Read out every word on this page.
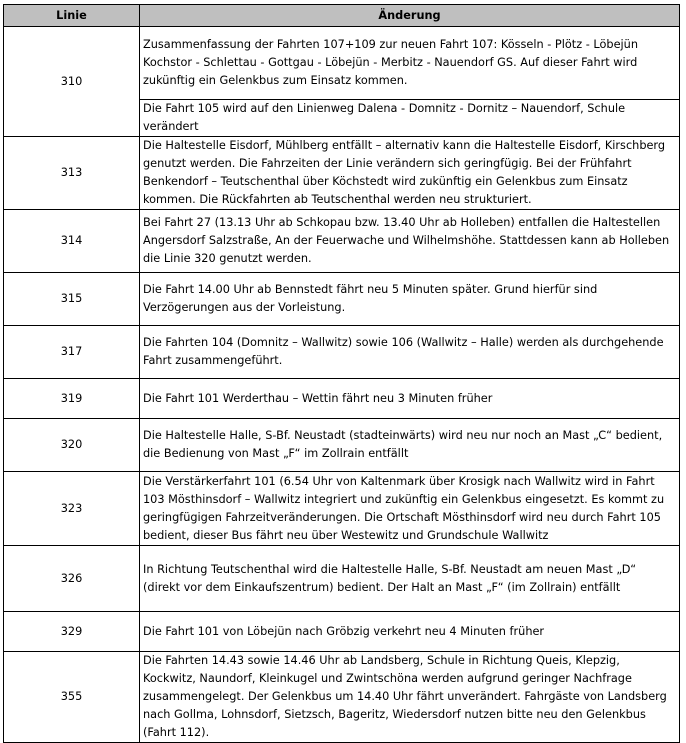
Linie	Änderung
310	Zusammenfassung der Fahrten 107+109 zur neuen Fahrt 107: Kösseln - Plötz - Löbejün Kochstor - Schlettau - Gottgau - Löbejün - Merbitz - Nauendorf GS. Auf dieser Fahrt wird zukünftig ein Gelenkbus zum Einsatz kommen.
	Die Fahrt 105 wird auf den Linienweg Dalena - Domnitz - Dornitz – Nauendorf, Schule verändert
313	Die Haltestelle Eisdorf, Mühlberg entfällt – alternativ kann die Haltestelle Eisdorf, Kirschberg genutzt werden. Die Fahrzeiten der Linie verändern sich geringfügig. Bei der Frühfahrt Benkendorf – Teutschenthal über Köchstedt wird zukünftig ein Gelenkbus zum Einsatz kommen. Die Rückfahrten ab Teutschenthal werden neu strukturiert.
314	Bei Fahrt 27 (13.13 Uhr ab Schkopau bzw. 13.40 Uhr ab Holleben) entfallen die Haltestellen Angersdorf Salzstraße, An der Feuerwache und Wilhelmshöhe. Stattdessen kann ab Holleben die Linie 320 genutzt werden.
315	Die Fahrt 14.00 Uhr ab Bennstedt fährt neu 5 Minuten später. Grund hierfür sind Verzögerungen aus der Vorleistung.
317	Die Fahrten 104 (Domnitz – Wallwitz) sowie 106 (Wallwitz – Halle) werden als durchgehende Fahrt zusammengeführt.
319	Die Fahrt 101 Werderthau – Wettin fährt neu 3 Minuten früher
320	Die Haltestelle Halle, S-Bf. Neustadt (stadteinwärts) wird neu nur noch an Mast „C“ bedient, die Bedienung von Mast „F“ im Zollrain entfällt
323	Die Verstärkerfahrt 101 (6.54 Uhr von Kaltenmark über Krosigk nach Wallwitz wird in Fahrt 103 Mösthinsdorf – Wallwitz integriert und zukünftig ein Gelenkbus eingesetzt. Es kommt zu geringfügigen Fahrzeitveränderungen. Die Ortschaft Mösthinsdorf wird neu durch Fahrt 105 bedient, dieser Bus fährt neu über Westewitz und Grundschule Wallwitz
326	In Richtung Teutschenthal wird die Haltestelle Halle, S-Bf. Neustadt am neuen Mast „D“ (direkt vor dem Einkaufszentrum) bedient. Der Halt an Mast „F“ (im Zollrain) entfällt
329	Die Fahrt 101 von Löbejün nach Gröbzig verkehrt neu 4 Minuten früher
355	Die Fahrten 14.43 sowie 14.46 Uhr ab Landsberg, Schule in Richtung Queis, Klepzig, Kockwitz, Naundorf, Kleinkugel und Zwintschöna werden aufgrund geringer Nachfrage zusammengelegt. Der Gelenkbus um 14.40 Uhr fährt unverändert. Fahrgäste von Landsberg nach Gollma, Lohnsdorf, Sietzsch, Bageritz, Wiedersdorf nutzen bitte neu den Gelenkbus (Fahrt 112).
